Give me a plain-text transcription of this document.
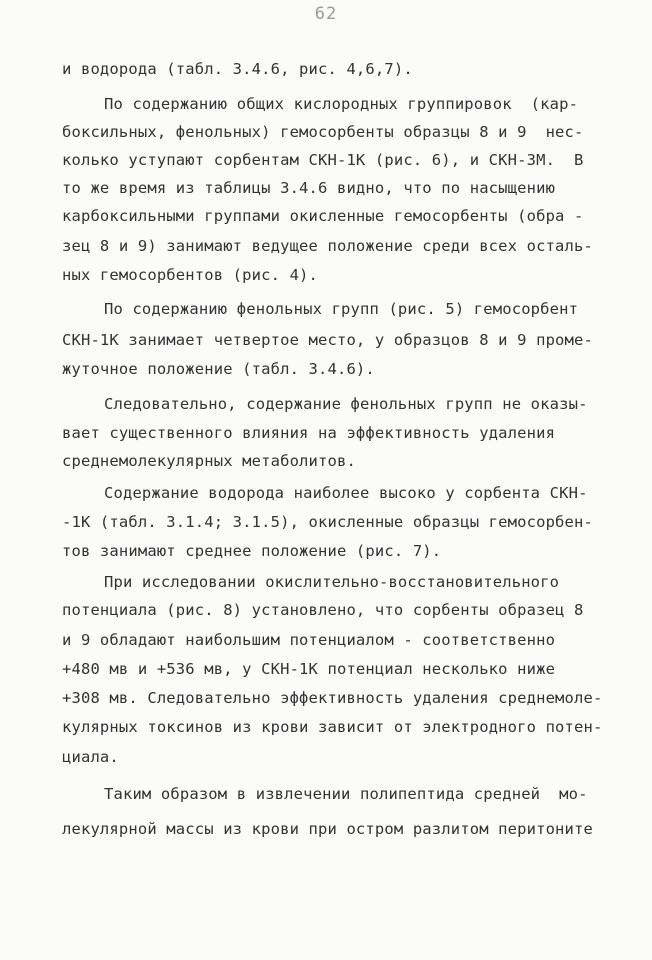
62
и водорода (табл. 3.4.6, рис. 4,6,7).
По содержанию общих кислородных группировок  (кар-
боксильных, фенольных) гемосорбенты образцы 8 и 9  нес-
колько уступают сорбентам СКН-1К (рис. 6), и СКН-3М.  В
то же время из таблицы 3.4.6 видно, что по насыщению
карбоксильными группами окисленные гемосорбенты (обра -
зец 8 и 9) занимают ведущее положение среди всех осталь-
ных гемосорбентов (рис. 4).
По содержанию фенольных групп (рис. 5) гемосорбент
СКН-1К занимает четвертое место, у образцов 8 и 9 проме-
жуточное положение (табл. 3.4.6).
Следовательно, содержание фенольных групп не оказы-
вает существенного влияния на эффективность удаления
среднемолекулярных метаболитов.
Содержание водорода наиболее высоко у сорбента СКН-
-1К (табл. 3.1.4; 3.1.5), окисленные образцы гемосорбен-
тов занимают среднее положение (рис. 7).
При исследовании окислительно-восстановительного
потенциала (рис. 8) установлено, что сорбенты образец 8
и 9 обладают наибольшим потенциалом - соответственно
+480 мв и +536 мв, у СКН-1К потенциал несколько ниже
+308 мв. Следовательно эффективность удаления среднемоле-
кулярных токсинов из крови зависит от электродного потен-
циала.
Таким образом в извлечении полипептида средней  мо-
лекулярной массы из крови при остром разлитом перитоните
